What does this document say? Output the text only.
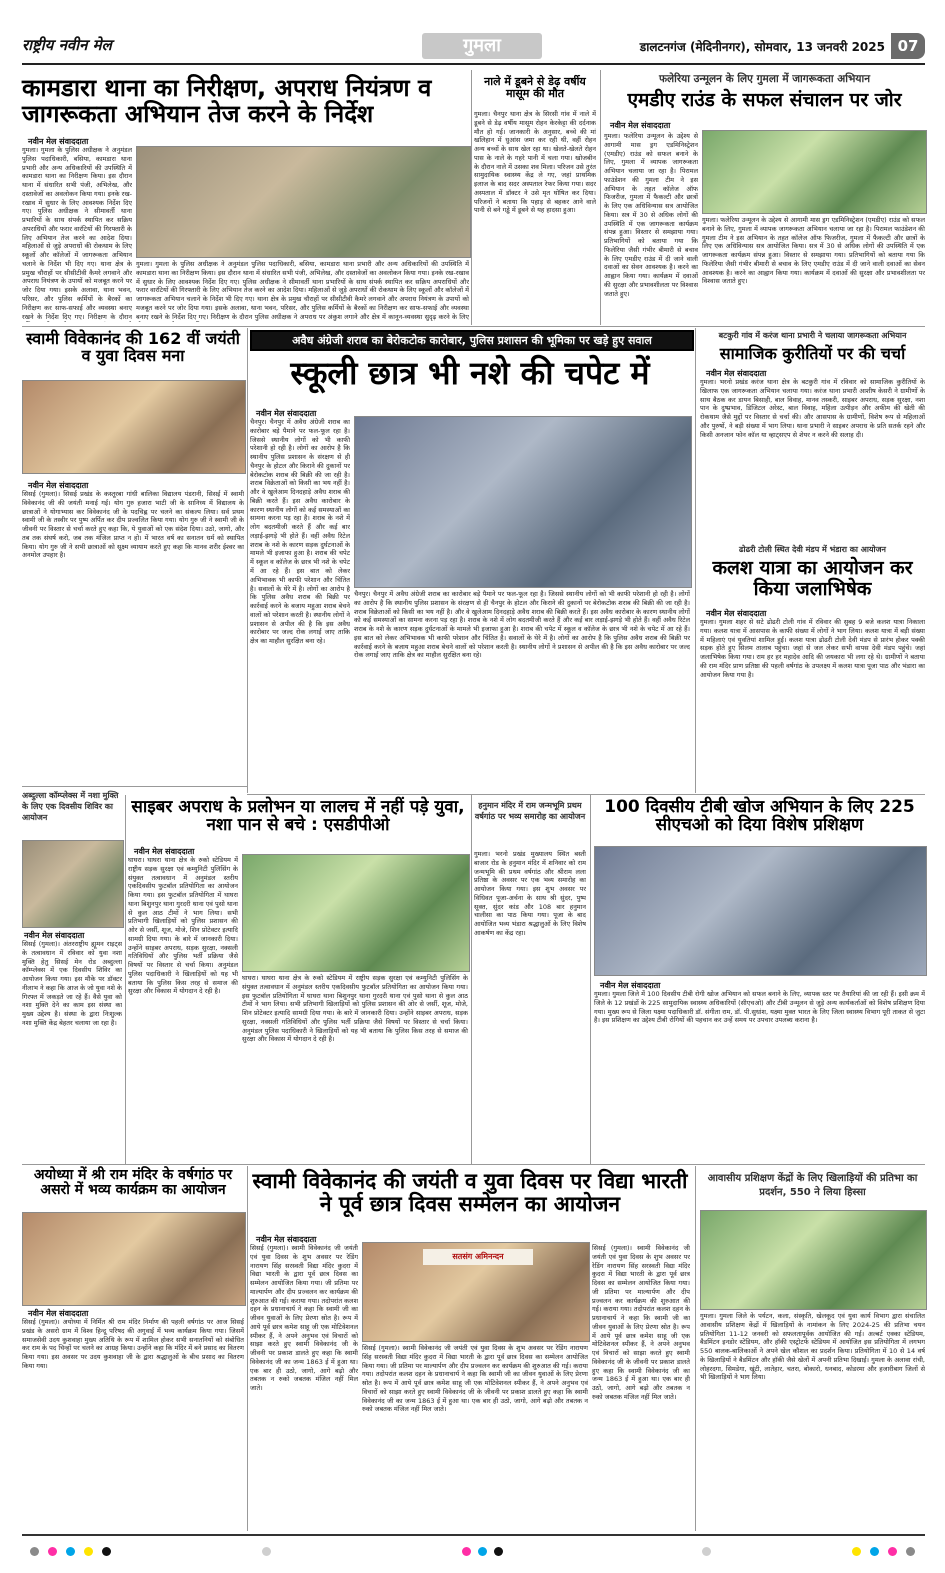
राष्ट्रीय नवीन मेल	गुमला	डालटनगंज (मेदिनीनगर), सोमवार, 13 जनवरी 2025 07
कामडारा थाना का निरीक्षण, अपराध नियंत्रण व जागरूकता अभियान तेज करने के निर्देश
नवीन मेल संवाददाता
गुमला। गुमला के पुलिस अधीक्षक ने अनुमंडल पुलिस पदाधिकारी, बसिया, कामडारा थाना प्रभारी और अन्य अधिकारियों की उपस्थिति में कामडारा थाना का निरीक्षण किया। इस दौरान थाना में संधारित सभी पंजी, अभिलेख, और दस्तावेजों का अवलोकन किया गया। इनके रख-रखाव में सुधार के लिए आवश्यक निर्देश दिए गए। पुलिस अधीक्षक ने सीमावर्ती थाना प्रभारियों के साथ संपर्क स्थापित कर सक्रिय अपराधियों और फरार वारंटियों की गिरफ्तारी के लिए अभियान तेज करने का आदेश दिया। महिलाओं से जुड़े अपराधों की रोकथाम के लिए स्कूलों और कॉलेजों में जागरूकता अभियान चलाने के निर्देश भी दिए गए। थाना क्षेत्र के प्रमुख चौराहों पर सीसीटीवी कैमरे लगवाने और अपराध नियंत्रण के उपायों को मजबूत करने पर जोर दिया गया। इसके अलावा, थाना भवन, परिसर, और पुलिस कर्मियों के बैरकों का निरीक्षण कर साफ-सफाई और व्यवस्था बनाए रखने के निर्देश दिए गए। निरीक्षण के दौरान
गुमला। गुमला के पुलिस अधीक्षक ने अनुमंडल पुलिस पदाधिकारी, बसिया, कामडारा थाना प्रभारी और अन्य अधिकारियों की उपस्थिति में कामडारा थाना का निरीक्षण किया। इस दौरान थाना में संधारित सभी पंजी, अभिलेख, और दस्तावेजों का अवलोकन किया गया। इनके रख-रखाव में सुधार के लिए आवश्यक निर्देश दिए गए। पुलिस अधीक्षक ने सीमावर्ती थाना प्रभारियों के साथ संपर्क स्थापित कर सक्रिय अपराधियों और फरार वारंटियों की गिरफ्तारी के लिए अभियान तेज करने का आदेश दिया। महिलाओं से जुड़े अपराधों की रोकथाम के लिए स्कूलों और कॉलेजों में जागरूकता अभियान चलाने के निर्देश भी दिए गए। थाना क्षेत्र के प्रमुख चौराहों पर सीसीटीवी कैमरे लगवाने और अपराध नियंत्रण के उपायों को मजबूत करने पर जोर दिया गया। इसके अलावा, थाना भवन, परिसर, और पुलिस कर्मियों के बैरकों का निरीक्षण कर साफ-सफाई और व्यवस्था बनाए रखने के निर्देश दिए गए। निरीक्षण के दौरान पुलिस अधीक्षक ने अपराध पर अंकुश लगाने और क्षेत्र में कानून-व्यवस्था सुदृढ़ करने के लिए
नाले में डूबने से डेढ़ वर्षीय मासूम की मौत
गुमला। चैनपुर थाना क्षेत्र के सिरसी गांव में नाले में डूबने से डेढ़ वर्षीय मासूम रोहन केरकेट्टा की दर्दनाक मौत हो गई। जानकारी के अनुसार, बच्चे की मां खलिहान में धुआंस जमा कर रही थी, वहीं रोहन अन्य बच्चों के साथ खेल रहा था। खेलते-खेलते रोहन पास के नाले के गहरे पानी में चला गया। खोजबीन के दौरान नाले में उसका शव मिला। परिजन उसे तुरंत सामुदायिक स्वास्थ्य केंद्र ले गए, जहां प्राथमिक इलाज के बाद सदर अस्पताल रेफर किया गया। सदर अस्पताल में डॉक्टर ने उसे मृत घोषित कर दिया। परिजनों ने बताया कि पहाड़ से बहकर आने वाले पानी से बने गड्ढे में डूबने से यह हादसा हुआ।
फलेरिया उन्मूलन के लिए गुमला में जागरूकता अभियान
एमडीए राउंड के सफल संचालन पर जोर
नवीन मेल संवाददाता
गुमला। फलेरिया उन्मूलन के उद्देश्य से आगामी मास ड्रग एडमिनिस्ट्रेशन (एमडीए) राउंड को सफल बनाने के लिए, गुमला में व्यापक जागरूकता अभियान चलाया जा रहा है। पिरामल फाउंडेशन की गुमला टीम ने इस अभियान के तहत कॉलेज ऑफ फिजरीज, गुमला में फैकल्टी और छात्रों के लिए एक अधिविन्यास सत्र आयोजित किया। सत्र में 30 से अधिक लोगों की उपस्थिति में एक जागरूकता कार्यक्रम संपन्न हुआ। विस्तार से समझाया गया। प्रतिभागियों को बताया गया कि फिलेरिया जैसी गंभीर बीमारी से बचाव के लिए एमडीए राउंड में दी जाने वाली दवाओं का सेवन आवश्यक है। करने का आह्वान किया गया। कार्यक्रम में दवाओं की सुरक्षा और प्रभावशीलता पर विश्वास जताते हुए।
गुमला। फलेरिया उन्मूलन के उद्देश्य से आगामी मास ड्रग एडमिनिस्ट्रेशन (एमडीए) राउंड को सफल बनाने के लिए, गुमला में व्यापक जागरूकता अभियान चलाया जा रहा है। पिरामल फाउंडेशन की गुमला टीम ने इस अभियान के तहत कॉलेज ऑफ फिजरीज, गुमला में फैकल्टी और छात्रों के लिए एक अधिविन्यास सत्र आयोजित किया। सत्र में 30 से अधिक लोगों की उपस्थिति में एक जागरूकता कार्यक्रम संपन्न हुआ। विस्तार से समझाया गया। प्रतिभागियों को बताया गया कि फिलेरिया जैसी गंभीर बीमारी से बचाव के लिए एमडीए राउंड में दी जाने वाली दवाओं का सेवन आवश्यक है। करने का आह्वान किया गया। कार्यक्रम में दवाओं की सुरक्षा और प्रभावशीलता पर विश्वास जताते हुए।
स्वामी विवेकानंद की 162 वीं जयंती व युवा दिवस मना
नवीन मेल संवाददाता
सिसई (गुमला)। सिसई प्रखंड के कस्तूरबा गांधी बालिका विद्यालय पंडरानी, सिसई में स्वामी विवेकानंद जी की जयंती मनाई गई। योग गुरु हजारा भाटी जी के सानिध्य में विद्यालय के छात्राओं ने योगाभ्यास कर विवेकानंद जी के पदचिह्न पर चलने का संकल्प लिया। सर्व प्रथम स्वामी जी के तस्वीर पर पुष्प अर्पित कर दीप प्रज्वलित किया गया। योग गुरु जी ने स्वामी जी के जीवनी पर विस्तार से चर्चा करते हुए कहा कि, ये युवाओं को एक संदेश दिया। उठो, जागो, और तब तक संघर्ष करो, जब तक मंजिल प्राप्त न हो। में भारत वर्ष का सनातन धर्म को स्थापित किया। योग गुरु जी ने सभी छात्राओं को सूक्ष्म व्यायाम करते हुए कहा कि मानव शरीर ईश्वर का अनमोल उपहार है।
अवैध अंग्रेजी शराब का बेरोकटोक कारोबार, पुलिस प्रशासन की भूमिका पर खड़े हुए सवाल
स्कूली छात्र भी नशे की चपेट में
नवीन मेल संवाददाता
चैनपुर। चैनपुर में अवैध अंग्रेजी शराब का कारोबार बड़े पैमाने पर फल-फूल रहा है। जिससे स्थानीय लोगों को भी काफी परेशानी हो रही है। लोगों का आरोप है कि स्थानीय पुलिस प्रशासन के संरक्षण से ही चैनपुर के होटल और किराने की दुकानों पर बेरोकटोक शराब की बिक्री की जा रही है। शराब विक्रेताओं को किसी का भय नहीं है। और वे खुलेआम दिनदहाड़े अवैध शराब की बिक्री करते हैं। इस अवैध कारोबार के कारण स्थानीय लोगों को कई समस्याओं का सामना करना पड़ रहा है। शराब के नशे में लोग बदतमीजी करते हैं और कई बार लड़ाई-झगड़े भी होते हैं। वहीं अवैध रिटेल शराब के नशे के कारण सड़क दुर्घटनाओं के मामले भी इजाफा हुआ है। शराब की चपेट में स्कूल व कॉलेज के छात्र भी नशे के चपेट में आ रहे हैं। इस बात को लेकर अभिभावक भी काफी परेशान और चिंतित है। सवालों के घेरे में है। लोगों का आरोप है कि पुलिस अवैध शराब की बिक्री पर कार्रवाई करने के बजाय महुआ शराब बेचने वालों को परेशान करती है। स्थानीय लोगों ने प्रशासन से अपील की है कि इस अवैध कारोबार पर जल्द रोक लगाई जाए ताकि क्षेत्र का माहौल सुरक्षित बना रहे।
चैनपुर। चैनपुर में अवैध अंग्रेजी शराब का कारोबार बड़े पैमाने पर फल-फूल रहा है। जिससे स्थानीय लोगों को भी काफी परेशानी हो रही है। लोगों का आरोप है कि स्थानीय पुलिस प्रशासन के संरक्षण से ही चैनपुर के होटल और किराने की दुकानों पर बेरोकटोक शराब की बिक्री की जा रही है। शराब विक्रेताओं को किसी का भय नहीं है। और वे खुलेआम दिनदहाड़े अवैध शराब की बिक्री करते हैं। इस अवैध कारोबार के कारण स्थानीय लोगों को कई समस्याओं का सामना करना पड़ रहा है। शराब के नशे में लोग बदतमीजी करते हैं और कई बार लड़ाई-झगड़े भी होते हैं। वहीं अवैध रिटेल शराब के नशे के कारण सड़क दुर्घटनाओं के मामले भी इजाफा हुआ है। शराब की चपेट में स्कूल व कॉलेज के छात्र भी नशे के चपेट में आ रहे हैं। इस बात को लेकर अभिभावक भी काफी परेशान और चिंतित है। सवालों के घेरे में है। लोगों का आरोप है कि पुलिस अवैध शराब की बिक्री पर कार्रवाई करने के बजाय महुआ शराब बेचने वालों को परेशान करती है। स्थानीय लोगों ने प्रशासन से अपील की है कि इस अवैध कारोबार पर जल्द रोक लगाई जाए ताकि क्षेत्र का माहौल सुरक्षित बना रहे।
बटकुरी गांव में करंज थाना प्रभारी ने चलाया जागरूकता अभियान
सामाजिक कुरीतियों पर की चर्चा
नवीन मेल संवाददाता
गुमला। भरनो प्रखंड करंज थाना क्षेत्र के बटकुरी गांव में रविवार को सामाजिक कुरीतियों के खिलाफ एक जागरूकता अभियान चलाया गया। करंज थाना प्रभारी आशीष केसरी ने ग्रामीणों के साथ बैठक कर डायन बिसाही, बाल विवाह, मानव तस्करी, साइबर अपराध, सड़क सुरक्षा, नशा पान के दुष्प्रभाव, डिजिटल अरेस्ट, बाल विवाह, महिला उत्पीड़न और अफीम की खेती की रोकथाम जैसे मुद्दों पर विस्तार से चर्चा की। और आसपास के ग्रामीणों, विशेष रूप से महिलाओं और पुरुषों, ने बड़ी संख्या में भाग लिया। थाना प्रभारी ने साइबर अपराध के प्रति सतर्क रहने और किसी अनजान फोन कॉल या व्हाट्सएप से शेयर न करने की सलाह दी।
ढोढरी टोली स्थित देवी मंडप में भंडारा का आयोजन
कलश यात्रा का आयोजन कर किया जलाभिषेक
नवीन मेल संवाददाता
गुमला। गुमला शहर से सटे ढोढरी टोली गांव में रविवार की सुबह 9 बजे कलश यात्रा निकाला गया। कलश यात्रा में आसपास के काफी संख्या में लोगों ने भाग लिया। कलश यात्रा में बड़ी संख्या में महिलाएं एवं युवतियां शामिल हुईं। कलश यात्रा ढोढरी टोली देवी मंडप से प्रारंभ होकर पक्की सड़क होते हुए सिलम तालाब पहुंचा। जहां से जल लेकर सभी वापस देवी मंडप पहुंचे। जहां जलाभिषेक किया गया। राम हर हर महादेव आदि की जयकारा भी लगा रहे थे। ग्रामीणों ने बताया की राम मंदिर प्राण प्रतिष्ठा की पहली वर्षगांठ के उपलक्ष्य में कलश यात्रा पूजा पाठ और भंडारा का आयोजन किया गया है।
अब्दुल्ला कॉम्प्लेक्स में नशा मुक्ति के लिए एक दिवसीय शिविर का आयोजन
नवीन मेल संवाददाता
सिसई (गुमला)। अंतरराष्ट्रीय ह्यूमन राइट्स के तत्वावधान में रविवार को युवा नशा मुक्ति हेतु सिसई मेन रोड अब्दुल्ला कॉम्प्लेक्स में एक दिवसीय शिविर का आयोजन किया गया। इस मौके पर डॉक्टर नीलाभ ने कहा कि आज के जो युवा नशे के गिरफ्त में जकड़ते जा रहे हैं। वैसे युवा को नशा मुक्ति देने का काम इस संस्था का मुख्य उद्देश्य है। संस्था के द्वारा निःशुल्क नशा मुक्ति केंद्र बेहतर चलाया जा रहा है।
साइबर अपराध के प्रलोभन या लालच में नहीं पड़े युवा, नशा पान से बचे : एसडीपीओ
नवीन मेल संवाददाता
घाघरा। घाघरा थाना क्षेत्र के रुको स्टेडियम में राष्ट्रीय सड़क सुरक्षा एवं कम्युनिटी पुलिसिंग के संयुक्त तत्वावधान में अनुमंडल स्तरीय एकदिवसीय फुटबॉल प्रतियोगिता का आयोजन किया गया। इस फुटबॉल प्रतियोगिता में घाघरा थाना बिशुनपुर थाना गुरदरी थाना एवं पुसो थाना से कुल आठ टीमों ने भाग लिया। सभी प्रतिभागी खिलाड़ियों को पुलिस प्रशासन की ओर से जर्सी, शूज, मोजे, शिन प्रोटेक्टर इत्यादि सामग्री दिया गया। के बारे में जानकारी दिया। उन्होंने साइबर अपराध, सड़क सुरक्षा, नक्सली गतिविधियों और पुलिस भर्ती प्रक्रिया जैसे विषयों पर विस्तार से चर्चा किया। अनुमंडल पुलिस पदाधिकारी ने खिलाड़ियों को यह भी बताया कि पुलिस किस तरह से समाज की सुरक्षा और विकास में योगदान दे रही है।
घाघरा। घाघरा थाना क्षेत्र के रुको स्टेडियम में राष्ट्रीय सड़क सुरक्षा एवं कम्युनिटी पुलिसिंग के संयुक्त तत्वावधान में अनुमंडल स्तरीय एकदिवसीय फुटबॉल प्रतियोगिता का आयोजन किया गया। इस फुटबॉल प्रतियोगिता में घाघरा थाना बिशुनपुर थाना गुरदरी थाना एवं पुसो थाना से कुल आठ टीमों ने भाग लिया। सभी प्रतिभागी खिलाड़ियों को पुलिस प्रशासन की ओर से जर्सी, शूज, मोजे, शिन प्रोटेक्टर इत्यादि सामग्री दिया गया। के बारे में जानकारी दिया। उन्होंने साइबर अपराध, सड़क सुरक्षा, नक्सली गतिविधियों और पुलिस भर्ती प्रक्रिया जैसे विषयों पर विस्तार से चर्चा किया। अनुमंडल पुलिस पदाधिकारी ने खिलाड़ियों को यह भी बताया कि पुलिस किस तरह से समाज की सुरक्षा और विकास में योगदान दे रही है।
हनुमान मंदिर में राम जन्मभूमि प्रथम वर्षगांठ पर भव्य समारोह का आयोजन
गुमला। भरनो प्रखंड मुख्यालय स्थित बस्ती बाजार रोड के हनुमान मंदिर में शनिवार को राम जन्मभूमि की प्रथम वर्षगांठ और श्रीराम लला प्रतिष्ठा के अवसर पर एक भव्य समारोह का आयोजन किया गया। इस शुभ अवसर पर विधिवत पूजा-अर्चना के साथ श्री सुंदर, पुष्प सूक्त, सुंदर कांड और 108 बार हनुमान चालीसा का पाठ किया गया। पूजा के बाद आयोजित भव्य भंडारा श्रद्धालुओं के लिए विशेष आकर्षण का केंद्र रहा।
100 दिवसीय टीबी खोज अभियान के लिए 225 सीएचओ को दिया विशेष प्रशिक्षण
नवीन मेल संवाददाता
गुमला। गुमला जिले में 100 दिवसीय टीबी रोगी खोज अभियान को सफल बनाने के लिए, व्यापक स्तर पर तैयारियां की जा रही हैं। इसी क्रम में जिले के 12 प्रखंडों के 225 सामुदायिक स्वास्थ्य अधिकारियों (सीएचओ) और टीबी उन्मूलन से जुड़े अन्य कार्यकर्ताओं को विशेष प्रशिक्षण दिया गया। मुख्य रूप से जिला यक्ष्मा पदाधिकारी डॉ. संगीता राम, डॉ. पी.सुधांश, यक्ष्मा मुक्त भारत के लिए जिला स्वास्थ्य विभाग पूरी ताकत से जुटा है। इस प्रशिक्षण का उद्देश्य टीबी रोगियों की पहचान कर उन्हें समय पर उपचार उपलब्ध कराना है।
अयोध्या में श्री राम मंदिर के वर्षगांठ पर असरो में भव्य कार्यक्रम का आयोजन
नवीन मेल संवाददाता
सिसई (गुमला)। अयोध्या में निर्मित श्री राम मंदिर निर्माण की पहली वर्षगांठ पर आज सिसई प्रखंड के असरो ग्राम में विश्व हिन्दू परिषद की अगुवाई में भव्य कार्यक्रम किया गया। जिसमें समाजसेवी उदय कुशवाहा मुख्य अतिथि के रूप में शामिल होकर सभी सनातनियों को संबोधित कर राम के पद चिन्हों पर चलने का आग्रह किया। उन्होंने कहा कि मंदिर में बने प्रसाद का वितरण किया गया। इस अवसर पर उदय कुशवाहा जी के द्वारा श्रद्धालुओं के बीच प्रसाद का वितरण किया गया।
स्वामी विवेकानंद की जयंती व युवा दिवस पर विद्या भारती ने पूर्व छात्र दिवस सम्मेलन का आयोजन
नवीन मेल संवाददाता
सिसई (गुमला)। स्वामी विवेकानंद जी जयंती एवं युवा दिवस के शुभ अवसर पर रेडिंग नारायण सिंह सरस्वती विद्या मंदिर कुदरा में विद्या भारती के द्वारा पूर्व छात्र दिवस का सम्मेलन आयोजित किया गया। जी प्रतिमा पर माल्यार्पण और दीप प्रज्वलन कर कार्यक्रम की शुरुआत की गई। कराया गया। तदोपरांत कलश दहन के प्रधानाचार्य ने कहा कि स्वामी जी का जीवन युवाओं के लिए प्रेरणा स्रोत है। रूप में आये पूर्व छात्र कमेश साहू जी एक मोटिवेशनल स्पीकर हैं, ने अपने अनुभव एवं विचारों को साझा करते हुए स्वामी विवेकानंद जी के जीवनी पर प्रकाश डालते हुए कहा कि स्वामी विवेकानंद जी का जन्म 1863 ई में हुआ था। एक बार ही उठो, जागो, आगे बढ़ो और तबतक न रुको जबतक मंजिल नहीं मिल जाते।
सतसंग अमिनन्दन
सिसई (गुमला)। स्वामी विवेकानंद जी जयंती एवं युवा दिवस के शुभ अवसर पर रेडिंग नारायण सिंह सरस्वती विद्या मंदिर कुदरा में विद्या भारती के द्वारा पूर्व छात्र दिवस का सम्मेलन आयोजित किया गया। जी प्रतिमा पर माल्यार्पण और दीप प्रज्वलन कर कार्यक्रम की शुरुआत की गई। कराया गया। तदोपरांत कलश दहन के प्रधानाचार्य ने कहा कि स्वामी जी का जीवन युवाओं के लिए प्रेरणा स्रोत है। रूप में आये पूर्व छात्र कमेश साहू जी एक मोटिवेशनल स्पीकर हैं, ने अपने अनुभव एवं विचारों को साझा करते हुए स्वामी विवेकानंद जी के जीवनी पर प्रकाश डालते हुए कहा कि स्वामी विवेकानंद जी का जन्म 1863 ई में हुआ था। एक बार ही उठो, जागो, आगे बढ़ो और तबतक न रुको जबतक मंजिल नहीं मिल जाते।
सिसई (गुमला)। स्वामी विवेकानंद जी जयंती एवं युवा दिवस के शुभ अवसर पर रेडिंग नारायण सिंह सरस्वती विद्या मंदिर कुदरा में विद्या भारती के द्वारा पूर्व छात्र दिवस का सम्मेलन आयोजित किया गया। जी प्रतिमा पर माल्यार्पण और दीप प्रज्वलन कर कार्यक्रम की शुरुआत की गई। कराया गया। तदोपरांत कलश दहन के प्रधानाचार्य ने कहा कि स्वामी जी का जीवन युवाओं के लिए प्रेरणा स्रोत है। रूप में आये पूर्व छात्र कमेश साहू जी एक मोटिवेशनल स्पीकर हैं, ने अपने अनुभव एवं विचारों को साझा करते हुए स्वामी विवेकानंद जी के जीवनी पर प्रकाश डालते हुए कहा कि स्वामी विवेकानंद जी का जन्म 1863 ई में हुआ था। एक बार ही उठो, जागो, आगे बढ़ो और तबतक न रुको जबतक मंजिल नहीं मिल जाते।
आवासीय प्रशिक्षण केंद्रों के लिए खिलाड़ियों की प्रतिभा का प्रदर्शन, 550 ने लिया हिस्सा
गुमला। गुमला जिले के पर्यटन, कला, संस्कृति, खेलकूद एवं युवा कार्य विभाग द्वारा संचालित आवासीय प्रशिक्षण केंद्रों में खिलाड़ियों के नामांकन के लिए 2024-25 की प्रतिभा चयन प्रतियोगिता 11-12 जनवरी को सफलतापूर्वक आयोजित की गई। अल्बर्ट एक्का स्टेडियम, बैडमिंटन इनडोर स्टेडियम, और हॉकी एस्ट्रोटर्फ स्टेडियम में आयोजित इस प्रतियोगिता में लगभग 550 बालक-बालिकाओं ने अपने खेल कौशल का प्रदर्शन किया। प्रतियोगिता में 10 से 14 वर्ष के खिलाड़ियों ने बैडमिंटन और हॉकी जैसे खेलों में अपनी प्रतिभा दिखाई। गुमला के अलावा रांची, लोहरदगा, सिमडेगा, खूंटी, लातेहार, चतरा, बोकारो, धनबाद, कोडरमा और हजारीबाग जिलों से भी खिलाड़ियों ने भाग लिया।
